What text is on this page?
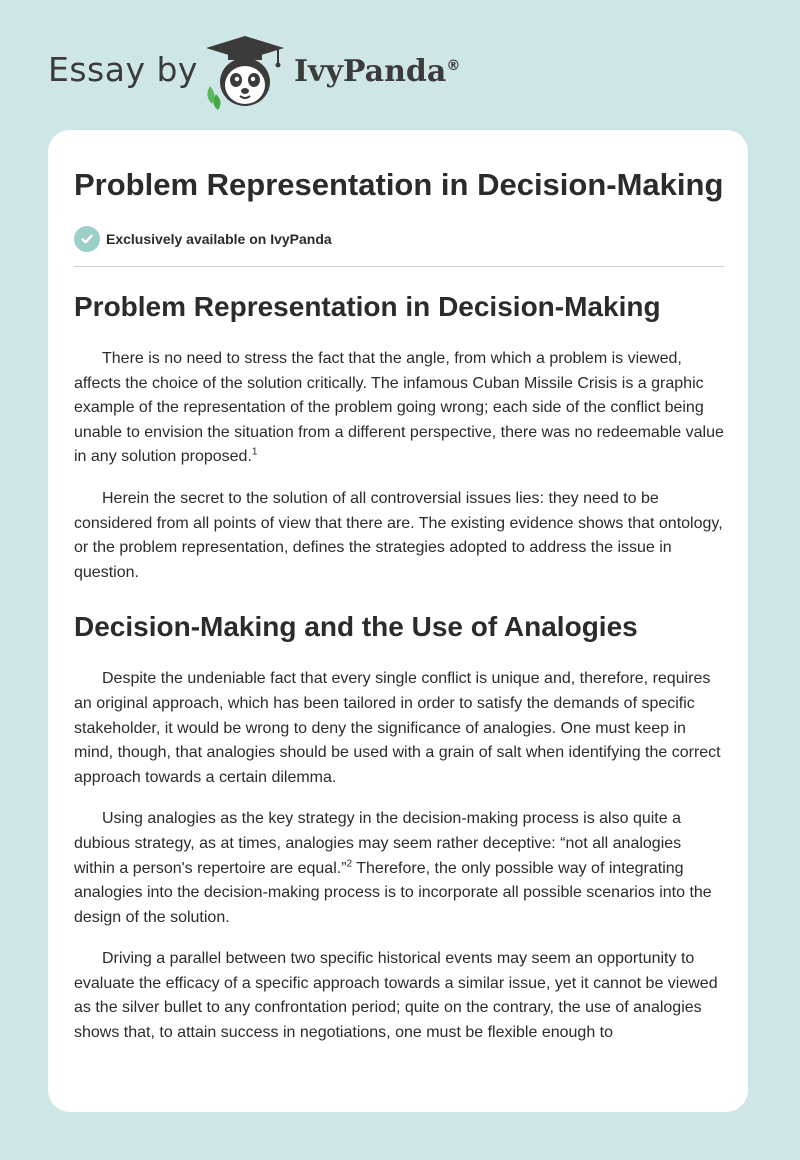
Essay by	IvyPanda®
Problem Representation in Decision-Making
Exclusively available on IvyPanda
Problem Representation in Decision-Making

There is no need to stress the fact that the angle, from which a problem is viewed, affects the choice of the solution critically. The infamous Cuban Missile Crisis is a graphic example of the representation of the problem going wrong; each side of the conflict being unable to envision the situation from a different perspective, there was no redeemable value in any solution proposed.$^1$

Herein the secret to the solution of all controversial issues lies: they need to be considered from all points of view that there are. The existing evidence shows that ontology, or the problem representation, defines the strategies adopted to address the issue in question.

Decision-Making and the Use of Analogies

Despite the undeniable fact that every single conflict is unique and, therefore, requires an original approach, which has been tailored in order to satisfy the demands of specific stakeholder, it would be wrong to deny the significance of analogies. One must keep in mind, though, that analogies should be used with a grain of salt when identifying the correct approach towards a certain dilemma.

Using analogies as the key strategy in the decision-making process is also quite a dubious strategy, as at times, analogies may seem rather deceptive: “not all analogies within a person's repertoire are equal.”$^2$ Therefore, the only possible way of integrating analogies into the decision-making process is to incorporate all possible scenarios into the design of the solution.

Driving a parallel between two specific historical events may seem an opportunity to evaluate the efficacy of a specific approach towards a similar issue, yet it cannot be viewed as the silver bullet to any confrontation period; quite on the contrary, the use of analogies shows that, to attain success in negotiations, one must be flexible enough to
